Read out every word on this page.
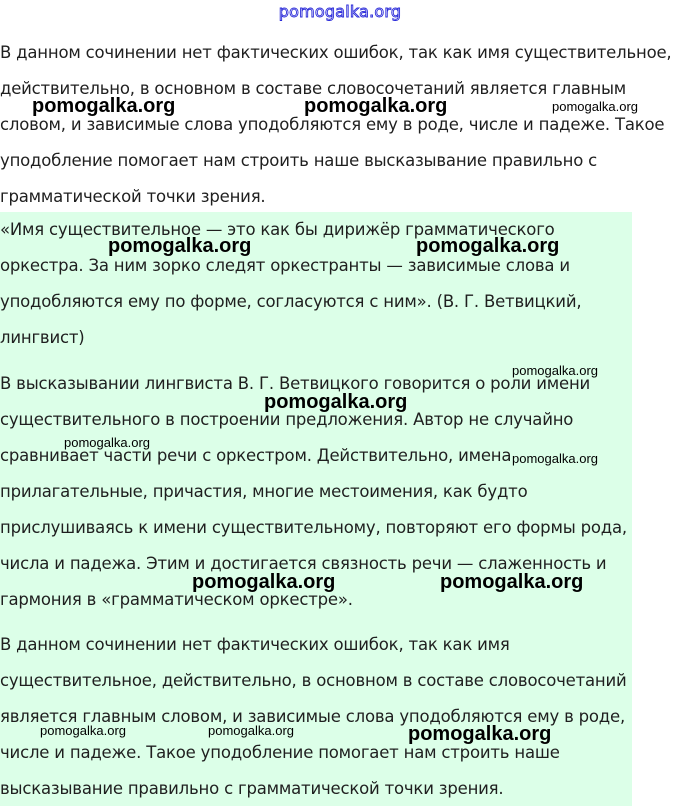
pomogalka.org

В данном сочинении нет фактических ошибок, так как имя существительное, действительно, в основном в составе словосочетаний является главным словом, и зависимые слова уподобляются ему в роде, числе и падеже. Такое уподобление помогает нам строить наше высказывание правильно с грамматической точки зрения.

«Имя существительное — это как бы дирижёр грамматического оркестра. За ним зорко следят оркестранты — зависимые слова и уподобляются ему по форме, согласуются с ним». (В. Г. Ветвицкий, лингвист)

В высказывании лингвиста В. Г. Ветвицкого говорится о роли имени существительного в построении предложения. Автор не случайно сравнивает части речи с оркестром. Действительно, имена прилагательные, причастия, многие местоимения, как будто прислушиваясь к имени существительному, повторяют его формы рода, числа и падежа. Этим и достигается связность речи — слаженность и гармония в «грамматическом оркестре».

В данном сочинении нет фактических ошибок, так как имя существительное, действительно, в основном в составе словосочетаний является главным словом, и зависимые слова уподобляются ему в роде, числе и падеже. Такое уподобление помогает нам строить наше высказывание правильно с грамматической точки зрения.

pomogalka.org	pomogalka.org	pomogalka.org
pomogalka.org	pomogalka.org
pomogalka.org
pomogalka.org
pomogalka.org
pomogalka.org
pomogalka.org	pomogalka.org
pomogalka.org	pomogalka.org	pomogalka.org
